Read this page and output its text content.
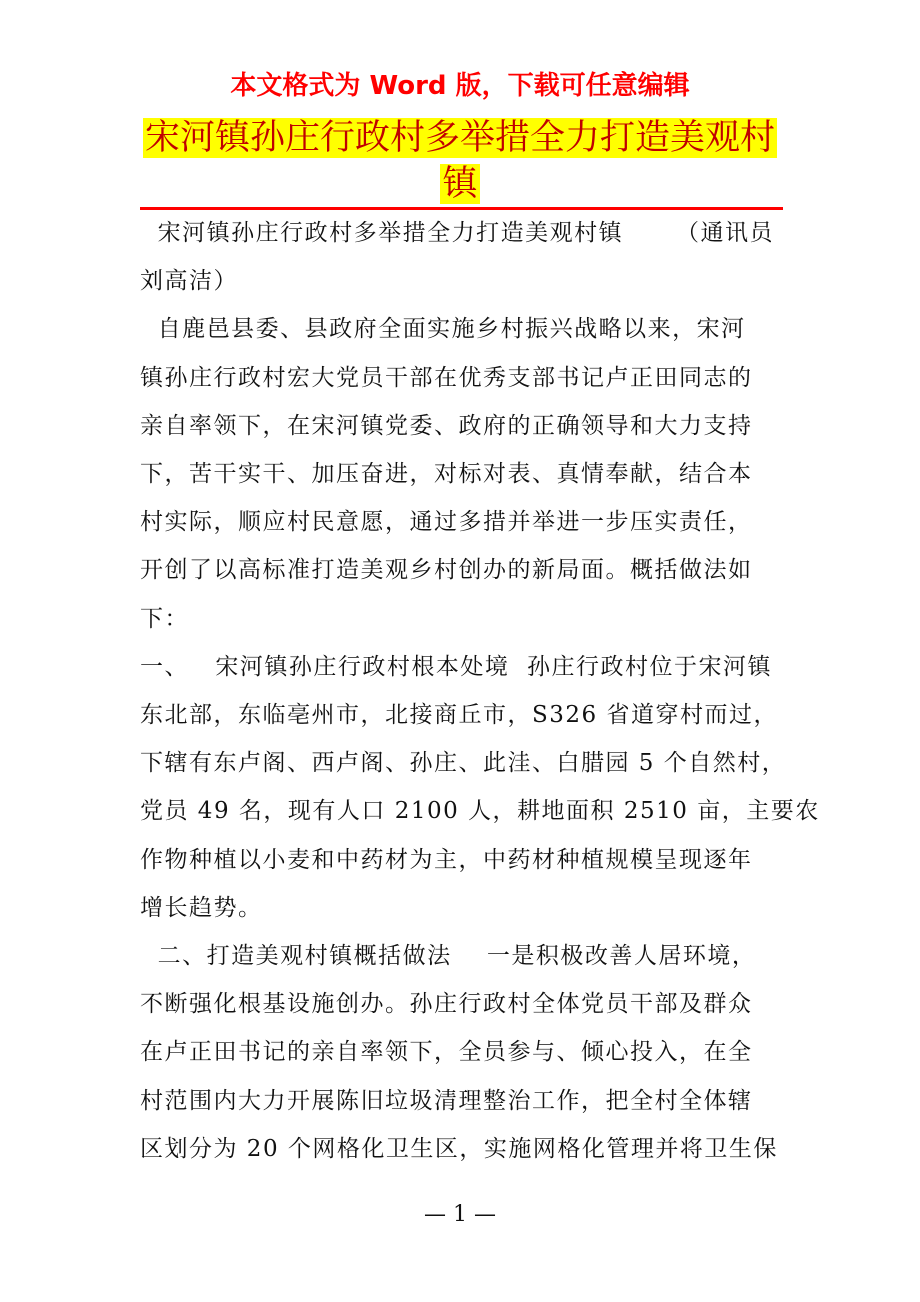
本文格式为 Word 版，下载可任意编辑
宋河镇孙庄行政村多举措全力打造美观村
镇
宋河镇孙庄行政村多举措全力打造美观村镇      （通讯员
刘高洁）
自鹿邑县委、县政府全面实施乡村振兴战略以来，宋河
镇孙庄行政村宏大党员干部在优秀支部书记卢正田同志的
亲自率领下，在宋河镇党委、政府的正确领导和大力支持
下，苦干实干、加压奋进，对标对表、真情奉献，结合本
村实际，顺应村民意愿，通过多措并举进一步压实责任，
开创了以高标准打造美观乡村创办的新局面。概括做法如
下：
一、   宋河镇孙庄行政村根本处境  孙庄行政村位于宋河镇
东北部，东临亳州市，北接商丘市，S326 省道穿村而过，
下辖有东卢阁、西卢阁、孙庄、此洼、白腊园 5 个自然村，
党员 49 名，现有人口 2100 人，耕地面积 2510 亩，主要农
作物种植以小麦和中药材为主，中药材种植规模呈现逐年
增长趋势。
二、打造美观村镇概括做法    一是积极改善人居环境，
不断强化根基设施创办。孙庄行政村全体党员干部及群众
在卢正田书记的亲自率领下，全员参与、倾心投入，在全
村范围内大力开展陈旧垃圾清理整治工作，把全村全体辖
区划分为 20 个网格化卫生区，实施网格化管理并将卫生保
— 1 —
